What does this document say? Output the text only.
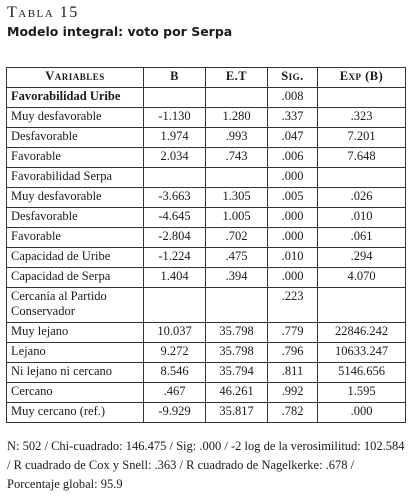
Tabla 15
Modelo integral: voto por Serpa
Variables	B	E.T	Sig.	Exp (B)
Favorabilidad Uribe			.008	
Muy desfavorable	-1.130	1.280	.337	.323
Desfavorable	1.974	.993	.047	7.201
Favorable	2.034	.743	.006	7.648
Favorabilidad Serpa			.000	
Muy desfavorable	-3.663	1.305	.005	.026
Desfavorable	-4.645	1.005	.000	.010
Favorable	-2.804	.702	.000	.061
Capacidad de Uribe	-1.224	.475	.010	.294
Capacidad de Serpa	1.404	.394	.000	4.070
Cercanía al Partido Conservador			.223	
Muy lejano	10.037	35.798	.779	22846.242
Lejano	9.272	35.798	.796	10633.247
Ni lejano ni cercano	8.546	35.794	.811	5146.656
Cercano	.467	46.261	.992	1.595
Muy cercano (ref.)	-9.929	35.817	.782	.000
N: 502 / Chi-cuadrado: 146.475 / Sig: .000 / -2 log de la verosimilitud: 102.584 / R cuadrado de Cox y Snell: .363 / R cuadrado de Nagelkerke: .678 / Porcentaje global: 95.9
